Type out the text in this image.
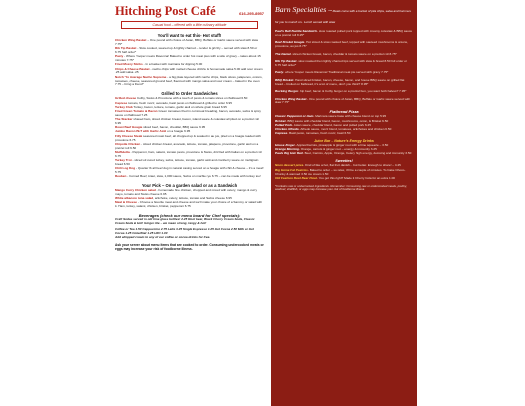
Hitching Post Café	616-295-8957
Casual food – offered with a little culinary attitude
You'll want to eat this- Hot stuff!
Chicken Wing Basket – One pound with choice of Asian, BBQ, Buffalo or Garlic sauce served with slaw 7.75*
Rib Tip Basket - Slow cooked, sauced up & lightly charred – tender & grizzly – served with slaw 8.50 or 6.75 half order*
Pasty - Where Yooper meets Ravenna! Baked to order hot meat pies with a side of gravy – takes about 15 minutes 7.75*
Fried Mozzy Sticks - In a basket with marinara for dipping 5.00
Chips & Cheese Basket - nacho chips with melted cheese drizzle & homemade salsa 5.00 add sour cream .25 add salsa .25
Notch 'Yo Average Nacho Supreme - a big plate layered with nacho chips, black olives, jalapenos, onions, tomatoes, cheese, seasoned ground beef, flavored with mango salsa and sour cream – baked in the oven 7.75 – bring a friend*
Grilled to Order Sandwiches
Grilled cheese Colby, Swiss & Provolone with a touch of pesto & tomato slices on flatbread 6.50
Caprese tomato, fresh mozz, avocado, basil pesto on flatbread & grilled to order 6.95
Turkey Club Turkey, bacon, lettuce, tomato, garlic aioli on whole grain bread 6.95
Fried Green Tomato & Bacon Green tomatoes fried in cornmeal breading, bacon, avocado, swiss & spicy sauce on flatbread 7.25
The Stacker shaved ham, sliced chicken breast, bacon, island sauce & coleslaw all piled on a pretzel roll 6.95
Roast Beef Hoagie sliced beef, bacon, cheddar, BBQ sauce 6.95
Jumbo Bacon BLT with Garlic Aioli on a hoagie 6.95
Filly Cheese Steak seasoned roast beef, all chopped up & soaked in au jus, piled on a hoagie loaded with provolone 6.75
Chipotle Chicken - sliced chicken breast, avocado, lettuce, tomato, jalapeno, provolone, garlic aioli on a pretzel roll 6.50
Muffuletta - Pepperoni, ham, salami, tomato pesto, provolone & Swiss, drizzled with Italian on a pretzel roll 6.75
Turkey Trot - sliced oil cured turkey, swiss, lettuce, tomato, garlic aioli and cranberry sauce on multigrain bread 6.50
Chili Log Dog - Quarter lb all beef dog in natural casing served on a hoagie with chili & cheese – it's a meal! 5.75
Reuben - Corned Beef, kraut, slaw, 1,000 sauce, Swiss on marble rye 6.75 – can be made with turkey too!
Your Pick – On a garden salad or as a Sandwich
Mango Curry Chicken salad - homemade fine chicken, chopped and mixed with celery, mango & curry mayo, tomato and Swiss cheese 6.95
White albacore tuna salad, artichoke, celery, lettuce, tomato and Swiss cheese 6.95
Meat & Cheese - Choose a favorite meat and cheese and we'll make your choice of a Sammy or salad with it. Ham, turkey, salami, chicken, brisket, pepperoni 6.75
Beverages (check our menu board for Chef specials):
Craft Sodas served in old time glass bottles! 2.25 Root beer, Black Cherry Cream Soda, Classic Cream Soda & Hot! Ginger Ale – we mean strong, tangy & hot!
Coffee or Tea 1.50 Cappuccino 2.75 Latte 3.25 Single Espresso 1.25 Hot Cocoa 2.50 Milk or Hot Cocoa 1.25 Coke/Diet 1.25 H2O 1.00
Add whipped cream to any of our coffee or cocoa drinks for free.
Ask your server about menu items that are cooked to order. Consuming undercooked meats or eggs may increase your risk of foodborne illness.
Barn Specialties *** Meals come with a bucket of pita chips, salsa and hummus for you to munch on.. Lunch served with slaw
Paul's Belt Buckle Sandwich- slow roasted pulled pork topped with creamy coleslaw & BBQ sauce on a pretzel roll 8.25*
Beef Brisket Hoagie- Hot sliced & slow roasted beef, topped with sauteed mushrooms & onions, provolone, au jus 8.75*
The Daniel- sliced chicken breast, bacon, cheddar & tomato sauce on a pretzel roll 8.75*
Rib Tip Basket- slow roasted then lightly charred tips served with slaw & bread 8.50 full order or 6.75 half order*
Pasty- where Yooper meets Ravenna! Traditional meat pie served with gravy 7.75*
BBQ Brisket- Hand sliced brisket, bacon, cheese, bacon, and house BBQ sauce on grilled flat bread – broiled on flatbread, it's a lot of menu, don't you think? 8.95*
Bucking Burger- hip beef, bacon & Colby burger on a pretzel bun, you want both halves? 7.95*
Chicken Wing Basket– One pound with choice of Asian, BBQ, Buffalo or Garlic sauce served with slaw 7.75*
Flatbread Pizza
Classic Pepperoni or Ham- Marinara sauce base with cheese blend on top 5.95
Brisket- BBQ sauce with cheddar blend, bacon, mushrooms, onion, & Brisket 6.50
Pulled Pork- Asian sauce, cheddar blend, bacon and pulled pork 6.25
Chicken Alfredo- Alfredo sauce, mozz blend, tomatoes, artichokes and chicken 6.50
Caprese- Basil pesto, tomatoes, fresh mozz, basil 6.50
Juice Bar – Nature's Energy Drinks
House Zinger- Apples/Carrots, pineapple & ginger root with a lime squeeze – 3.50
Orange Morning- Orange, carrots & ginger root – energy & immunity 3.25
Pauls Big Hair Red- Beet, Carrots, Apple, Orange, Celery high energy, detoxing and immunity 3.50
Sweeties!
Noon dessert pizza- Kind of like a hot, flat fruit danish... but better. Enough to share! – 4.25
Big Home Fat Pastries- Baked to order – so relax, it'll be a couple of minutes. To Cake Choco-Chunky & warmed 3.50 ice cream 1.50
Old Fashion Root Beer Float- You got this right? Made it Cherry Cola for an extra 1.00
*Contains raw or undercooked ingredients. Remember: Consuming raw or undercooked meats, poultry, seafood, shellfish, or eggs may increase your risk of foodborne illness.
